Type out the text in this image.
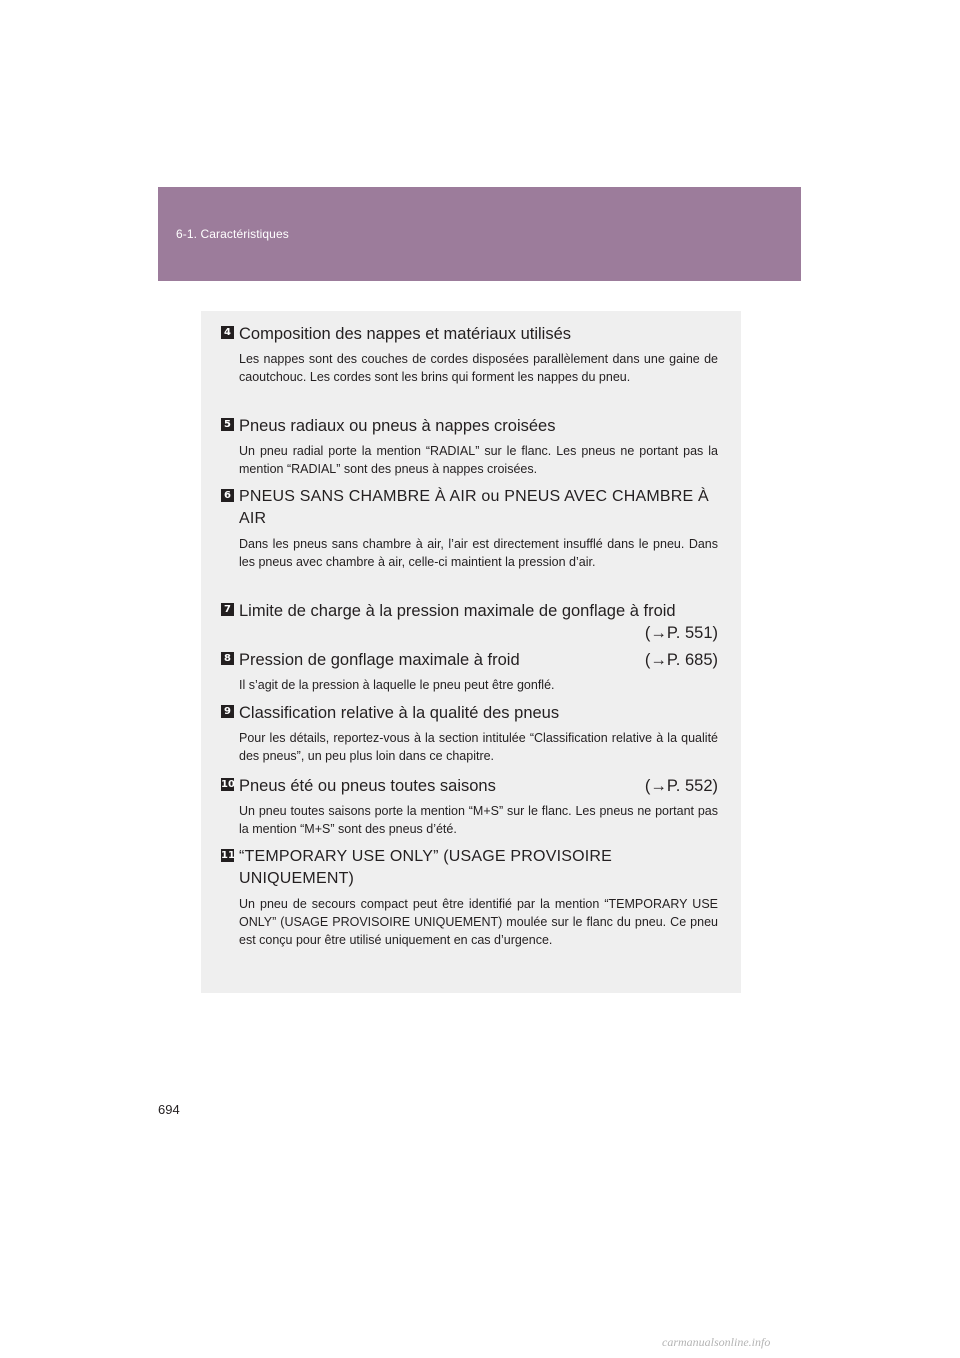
6-1. Caractéristiques
4 Composition des nappes et matériaux utilisés
Les nappes sont des couches de cordes disposées parallèlement dans une gaine de caoutchouc. Les cordes sont les brins qui forment les nappes du pneu.
5 Pneus radiaux ou pneus à nappes croisées
Un pneu radial porte la mention “RADIAL” sur le flanc. Les pneus ne portant pas la mention “RADIAL” sont des pneus à nappes croisées.
6 PNEUS SANS CHAMBRE À AIR ou PNEUS AVEC CHAMBRE À AIR
Dans les pneus sans chambre à air, l’air est directement insufflé dans le pneu. Dans les pneus avec chambre à air, celle-ci maintient la pression d’air.
7 Limite de charge à la pression maximale de gonflage à froid
(→P. 551)
8	(→P. 685)
Pression de gonflage maximale à froid
Il s’agit de la pression à laquelle le pneu peut être gonflé.
9 Classification relative à la qualité des pneus
Pour les détails, reportez-vous à la section intitulée “Classification relative à la qualité des pneus”, un peu plus loin dans ce chapitre.
10	(→P. 552)
Pneus été ou pneus toutes saisons
Un pneu toutes saisons porte la mention “M+S” sur le flanc. Les pneus ne portant pas la mention “M+S” sont des pneus d’été.
11 “TEMPORARY USE ONLY” (USAGE PROVISOIRE UNIQUEMENT)
Un pneu de secours compact peut être identifié par la mention “TEMPORARY USE ONLY” (USAGE PROVISOIRE UNIQUEMENT) moulée sur le flanc du pneu. Ce pneu est conçu pour être utilisé uniquement en cas d’urgence.
694
carmanualsonline.info
